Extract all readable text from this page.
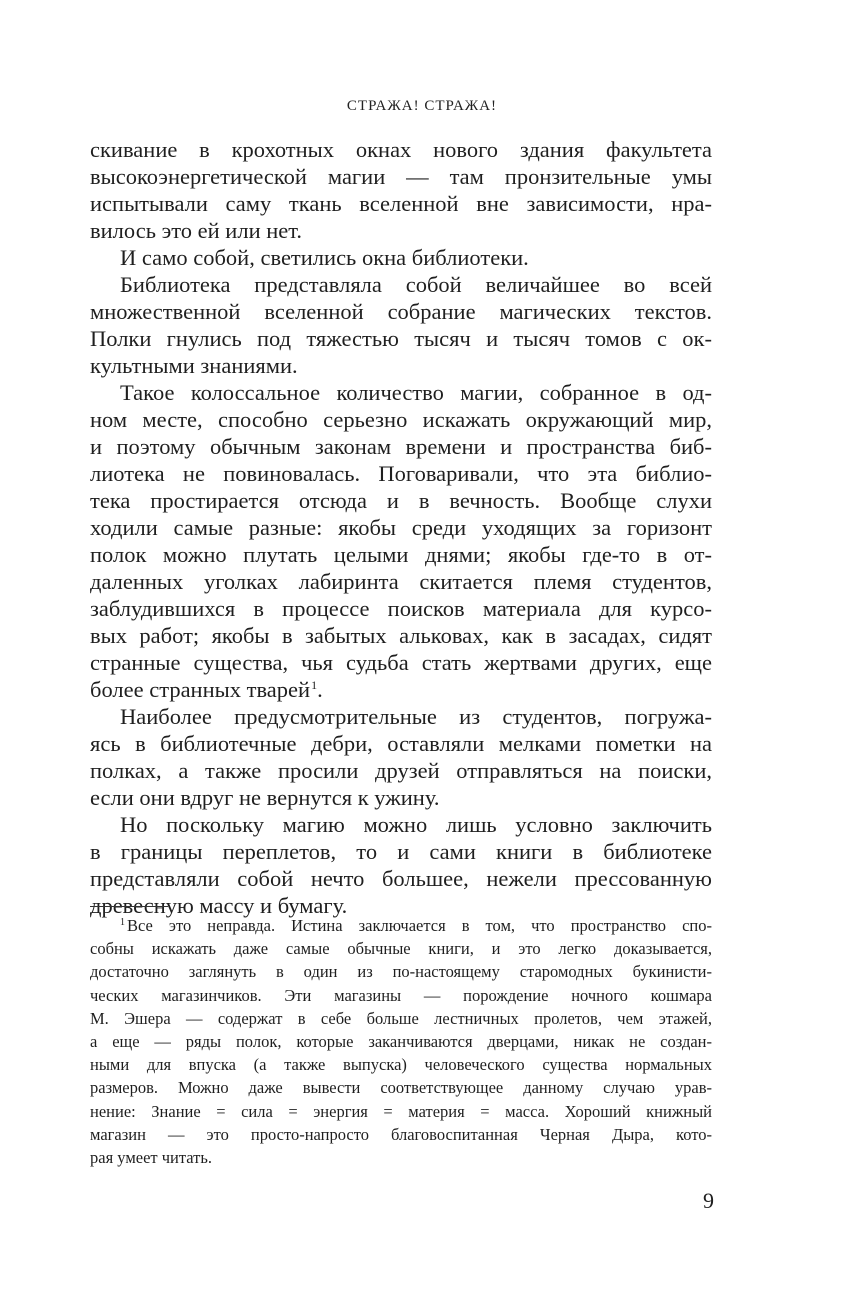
СТРАЖА! СТРАЖА!
скивание в крохотных окнах нового здания факультета
высокоэнергетической магии — там пронзительные умы
испытывали саму ткань вселенной вне зависимости, нра-
вилось это ей или нет.
И само собой, светились окна библиотеки.
Библиотека представляла собой величайшее во всей
множественной вселенной собрание магических текстов.
Полки гнулись под тяжестью тысяч и тысяч томов с ок-
культными знаниями.
Такое колоссальное количество магии, собранное в од-
ном месте, способно серьезно искажать окружающий мир,
и поэтому обычным законам времени и пространства биб-
лиотека не повиновалась. Поговаривали, что эта библио-
тека простирается отсюда и в вечность. Вообще слухи
ходили самые разные: якобы среди уходящих за горизонт
полок можно плутать целыми днями; якобы где-то в от-
даленных уголках лабиринта скитается племя студентов,
заблудившихся в процессе поисков материала для курсо-
вых работ; якобы в забытых альковах, как в засадах, сидят
странные существа, чья судьба стать жертвами других, еще
более странных тварей$^1$.
Наиболее предусмотрительные из студентов, погружа-
ясь в библиотечные дебри, оставляли мелками пометки на
полках, а также просили друзей отправляться на поиски,
если они вдруг не вернутся к ужину.
Но поскольку магию можно лишь условно заключить
в границы переплетов, то и сами книги в библиотеке
представляли собой нечто большее, нежели прессованную
древесную массу и бумагу.
$^1$ Все это неправда. Истина заключается в том, что пространство спо-
собны искажать даже самые обычные книги, и это легко доказывается,
достаточно заглянуть в один из по-настоящему старомодных букинисти-
ческих магазинчиков. Эти магазины — порождение ночного кошмара
М. Эшера — содержат в себе больше лестничных пролетов, чем этажей,
а еще — ряды полок, которые заканчиваются дверцами, никак не создан-
ными для впуска (а также выпуска) человеческого существа нормальных
размеров. Можно даже вывести соответствующее данному случаю урав-
нение: Знание = сила = энергия = материя = масса. Хороший книжный
магазин — это просто-напросто благовоспитанная Черная Дыра, кото-
рая умеет читать.
9
